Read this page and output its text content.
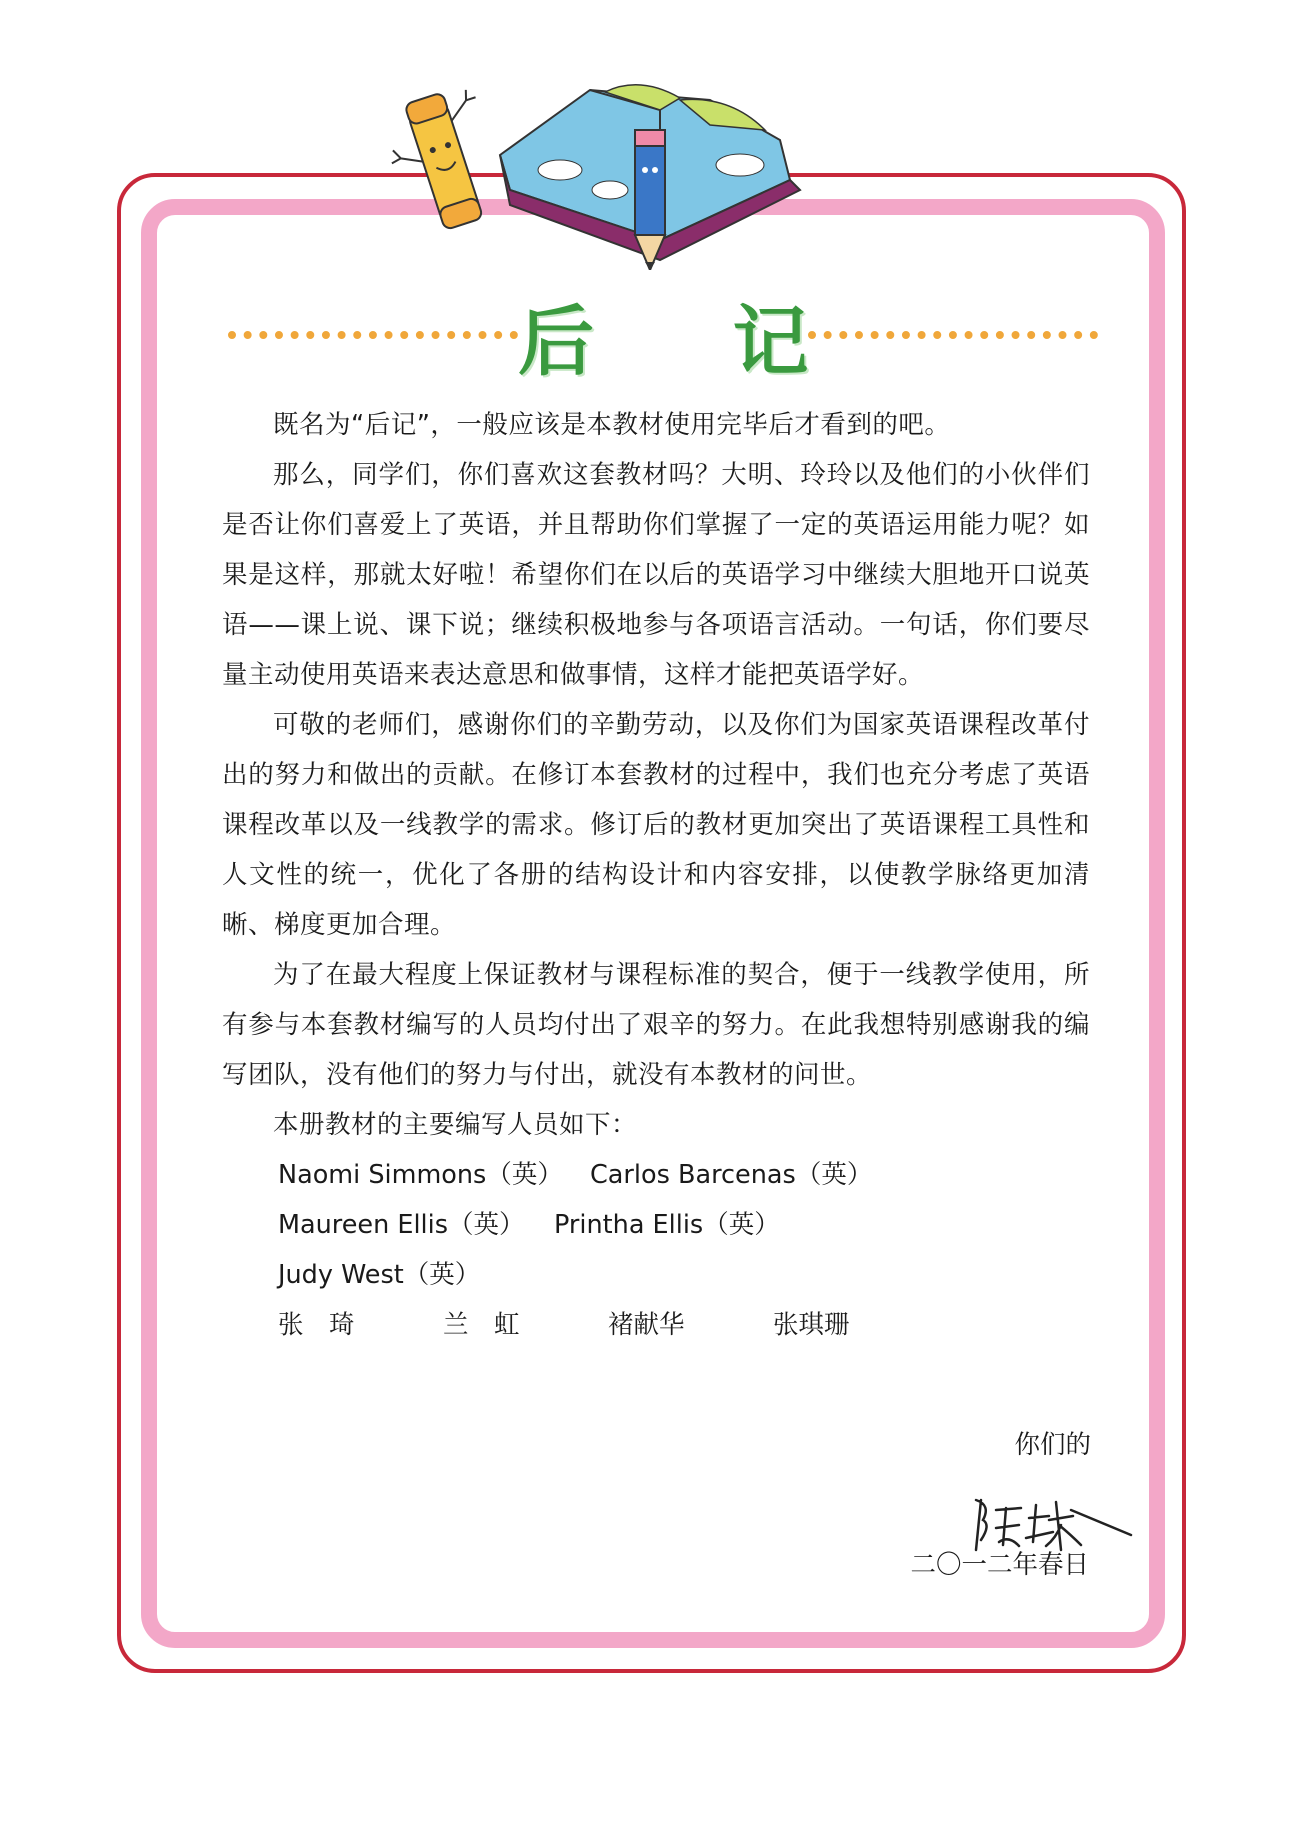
后 记

既名为“后记”，一般应该是本教材使用完毕后才看到的吧。

那么，同学们，你们喜欢这套教材吗？大明、玲玲以及他们的小伙伴们是否让你们喜爱上了英语，并且帮助你们掌握了一定的英语运用能力呢？如果是这样，那就太好啦！希望你们在以后的英语学习中继续大胆地开口说英语——课上说、课下说；继续积极地参与各项语言活动。一句话，你们要尽量主动使用英语来表达意思和做事情，这样才能把英语学好。

可敬的老师们，感谢你们的辛勤劳动，以及你们为国家英语课程改革付出的努力和做出的贡献。在修订本套教材的过程中，我们也充分考虑了英语课程改革以及一线教学的需求。修订后的教材更加突出了英语课程工具性和人文性的统一，优化了各册的结构设计和内容安排，以使教学脉络更加清晰、梯度更加合理。

为了在最大程度上保证教材与课程标准的契合，便于一线教学使用，所有参与本套教材编写的人员均付出了艰辛的努力。在此我想特别感谢我的编写团队，没有他们的努力与付出，就没有本教材的问世。

本册教材的主要编写人员如下：

Naomi Simmons（英） Carlos Barcenas（英）
Maureen Ellis（英） Printha Ellis（英）
Judy West（英）
张　琦	兰　虹	褚献华	张琪珊
你们的
二〇一二年春日
